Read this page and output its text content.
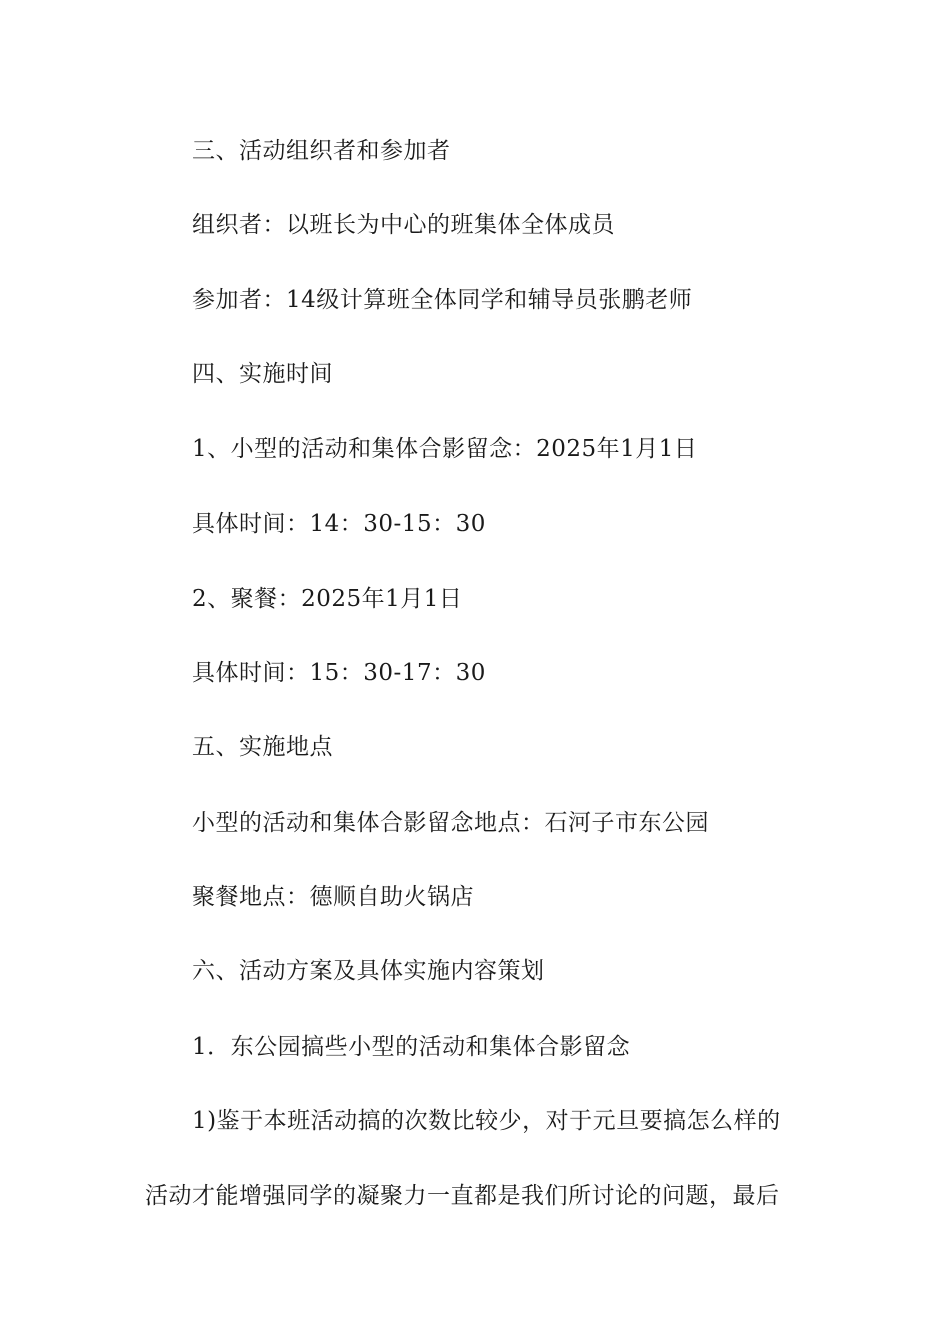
三、活动组织者和参加者
组织者：以班长为中心的班集体全体成员
参加者：14级计算班全体同学和辅导员张鹏老师
四、实施时间
1、小型的活动和集体合影留念：2025年1月1日
具体时间：14：30-15：30
2、聚餐：2025年1月1日
具体时间：15：30-17：30
五、实施地点
小型的活动和集体合影留念地点：石河子市东公园
聚餐地点：德顺自助火锅店
六、活动方案及具体实施内容策划
1．东公园搞些小型的活动和集体合影留念
1)鉴于本班活动搞的次数比较少，对于元旦要搞怎么样的
活动才能增强同学的凝聚力一直都是我们所讨论的问题，最后
